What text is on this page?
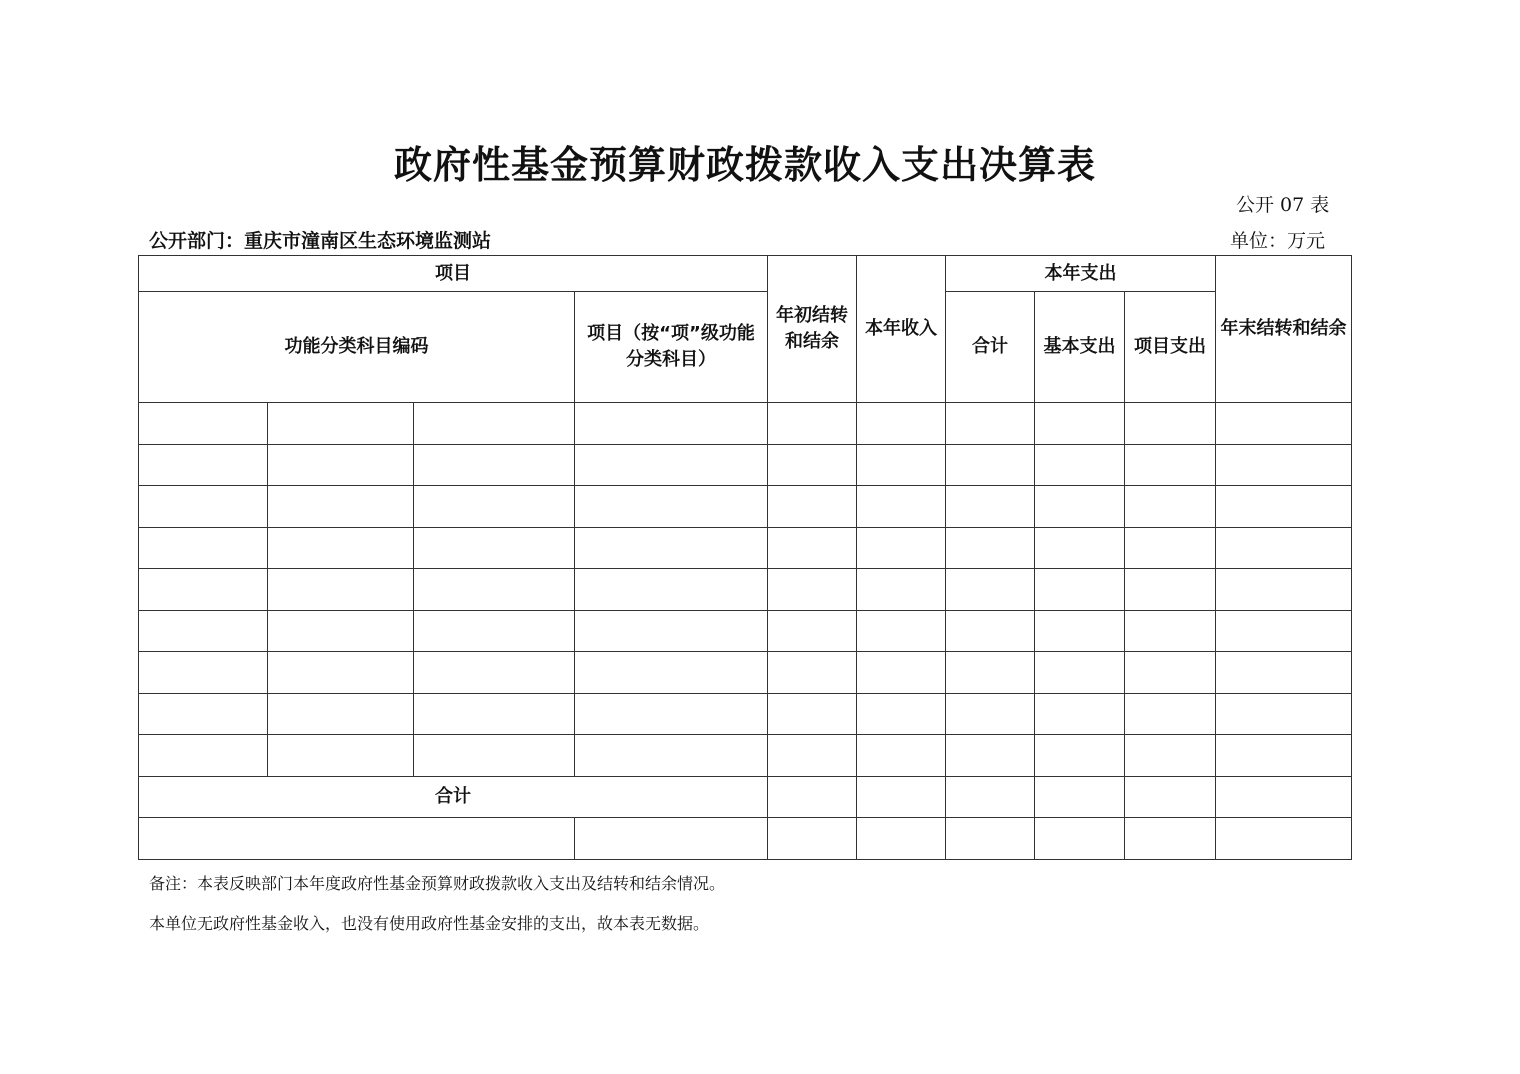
政府性基金预算财政拨款收入支出决算表
公开 07 表
公开部门：重庆市潼南区生态环境监测站	单位：万元
项目				年初结转和结余	本年收入	本年支出			年末结转和结余
功能分类科目编码			项目（按“项”级功能分类科目）			合计	基本支出	项目支出	

合计									

备注：本表反映部门本年度政府性基金预算财政拨款收入支出及结转和结余情况。
本单位无政府性基金收入，也没有使用政府性基金安排的支出，故本表无数据。
